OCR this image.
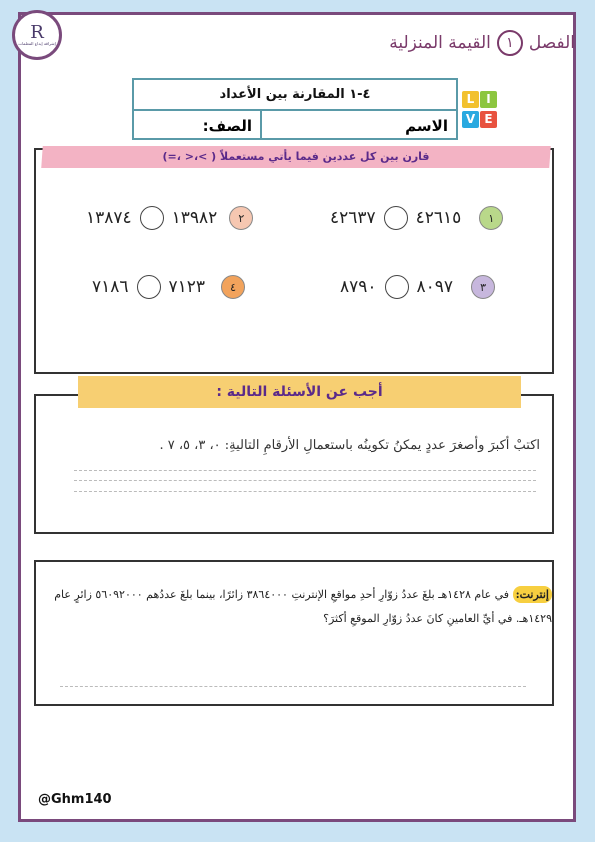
R
إشراقة إبداع المعلمات	الفصل
١
القيمة المنزلية
٤-١ المقارنة بين الأعداد
الاسم
الصف:
L IV E
قارن بين كل عددين فيما يأتي مستعملاً ( >،< ،=)
٤٢٦٣٧ ٤٢٦١٥	١
١٣٨٧٤ ١٣٩٨٢	٢
٨٧٩٠ ٨٠٩٧	٣
٧١٨٦ ٧١٢٣	٤
أجب عن الأسئلة التالية :
اكتبْ أكبرَ وأصغرَ عددٍ يمكنُ تكوينُه باستعمالِ الأرقامِ التاليةِ: ٠، ٣، ٥، ٧ .
إنترنت: في عام ١٤٢٨هـ بلغَ عددُ زوّارِ أحدِ مواقعِ الإنترنتِ ٣٨٦٤٠٠٠ زائرًا، بينما بلغَ عددُهم ٥٦٠٩٢٠٠٠ زائرٍ عام ١٤٢٩هـ. في أيِّ العامينِ كانَ عددُ زوّارِ الموقعِ أكثرَ؟
@Ghm140
